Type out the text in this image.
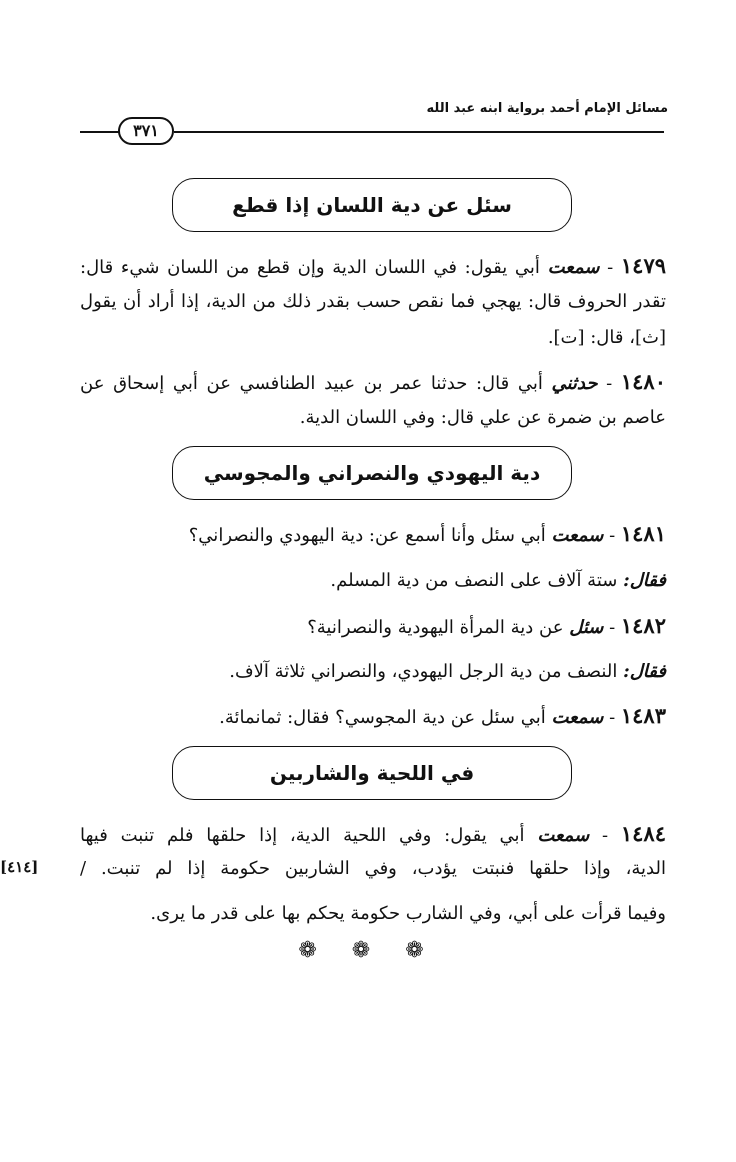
مسائل الإمام أحمد برواية ابنه عبد الله
٣٧١
سئل عن دية اللسان إذا قطع
١٤٧٩ - سمعت أبي يقول: في اللسان الدية وإن قطع من اللسان شيء قال:
تقدر الحروف قال: يهجي فما نقص حسب بقدر ذلك من الدية، إذا أراد أن يقول
[ث]، قال: [ت].
١٤٨٠ - حدثني أبي قال: حدثنا عمر بن عبيد الطنافسي عن أبي إسحاق عن
عاصم بن ضمرة عن علي قال: وفي اللسان الدية.
دية اليهودي والنصراني والمجوسي
١٤٨١ - سمعت أبي سئل وأنا أسمع عن: دية اليهودي والنصراني؟
فقال: ستة آلاف على النصف من دية المسلم.
١٤٨٢ - سئل عن دية المرأة اليهودية والنصرانية؟
فقال: النصف من دية الرجل اليهودي، والنصراني ثلاثة آلاف.
١٤٨٣ - سمعت أبي سئل عن دية المجوسي؟ فقال: ثمانمائة.
في اللحية والشاربين
١٤٨٤ - سمعت أبي يقول: وفي اللحية الدية، إذا حلقها فلم تنبت فيها
الدية، وإذا حلقها فنبتت يؤدب، وفي الشاربين حكومة إذا لم تنبت. /
وفيما قرأت على أبي، وفي الشارب حكومة يحكم بها على قدر ما يرى.
[٤١٤]
❁ ❁ ❁
